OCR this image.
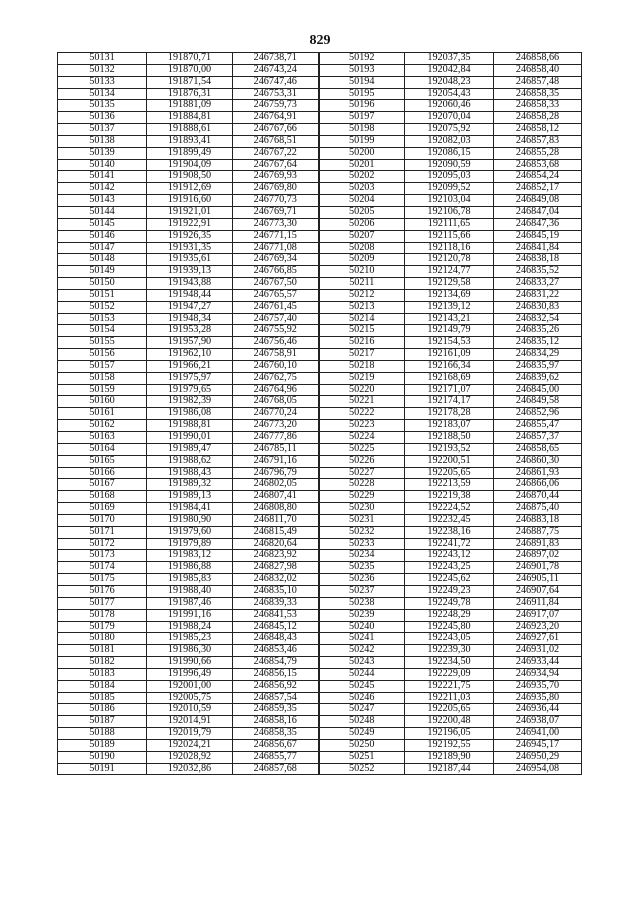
829
50131	191870,71	246738,71	50192	192037,35	246858,66
50132	191870,00	246743,24	50193	192042,84	246858,40
50133	191871,54	246747,46	50194	192048,23	246857,48
50134	191876,31	246753,31	50195	192054,43	246858,35
50135	191881,09	246759,73	50196	192060,46	246858,33
50136	191884,81	246764,91	50197	192070,04	246858,28
50137	191888,61	246767,66	50198	192075,92	246858,12
50138	191893,41	246768,51	50199	192082,03	246857,83
50139	191899,49	246767,22	50200	192086,15	246855,28
50140	191904,09	246767,64	50201	192090,59	246853,68
50141	191908,50	246769,93	50202	192095,03	246854,24
50142	191912,69	246769,80	50203	192099,52	246852,17
50143	191916,60	246770,73	50204	192103,04	246849,08
50144	191921,01	246769,71	50205	192106,78	246847,04
50145	191922,91	246773,30	50206	192111,65	246847,36
50146	191926,35	246771,15	50207	192115,66	246845,19
50147	191931,35	246771,08	50208	192118,16	246841,84
50148	191935,61	246769,34	50209	192120,78	246838,18
50149	191939,13	246766,85	50210	192124,77	246835,52
50150	191943,88	246767,50	50211	192129,58	246833,27
50151	191948,44	246765,57	50212	192134,69	246831,22
50152	191947,27	246761,45	50213	192139,12	246830,83
50153	191948,34	246757,40	50214	192143,21	246832,54
50154	191953,28	246755,92	50215	192149,79	246835,26
50155	191957,90	246756,46	50216	192154,53	246835,12
50156	191962,10	246758,91	50217	192161,09	246834,29
50157	191966,21	246760,10	50218	192166,34	246835,97
50158	191975,97	246762,75	50219	192168,69	246839,62
50159	191979,65	246764,96	50220	192171,07	246845,00
50160	191982,39	246768,05	50221	192174,17	246849,58
50161	191986,08	246770,24	50222	192178,28	246852,96
50162	191988,81	246773,20	50223	192183,07	246855,47
50163	191990,01	246777,86	50224	192188,50	246857,37
50164	191989,47	246785,11	50225	192193,52	246858,65
50165	191988,62	246791,16	50226	192200,51	246860,30
50166	191988,43	246796,79	50227	192205,65	246861,93
50167	191989,32	246802,05	50228	192213,59	246866,06
50168	191989,13	246807,41	50229	192219,38	246870,44
50169	191984,41	246808,80	50230	192224,52	246875,40
50170	191980,90	246811,70	50231	192232,45	246883,18
50171	191979,60	246815,49	50232	192238,16	246887,75
50172	191979,89	246820,64	50233	192241,72	246891,83
50173	191983,12	246823,92	50234	192243,12	246897,02
50174	191986,88	246827,98	50235	192243,25	246901,78
50175	191985,83	246832,02	50236	192245,62	246905,11
50176	191988,40	246835,10	50237	192249,23	246907,64
50177	191987,46	246839,33	50238	192249,78	246911,84
50178	191991,16	246841,53	50239	192248,29	246917,07
50179	191988,24	246845,12	50240	192245,80	246923,20
50180	191985,23	246848,43	50241	192243,05	246927,61
50181	191986,30	246853,46	50242	192239,30	246931,02
50182	191990,66	246854,79	50243	192234,50	246933,44
50183	191996,49	246856,15	50244	192229,09	246934,94
50184	192001,00	246856,92	50245	192221,75	246935,70
50185	192005,75	246857,54	50246	192211,03	246935,80
50186	192010,59	246859,35	50247	192205,65	246936,44
50187	192014,91	246858,16	50248	192200,48	246938,07
50188	192019,79	246858,35	50249	192196,05	246941,00
50189	192024,21	246856,67	50250	192192,55	246945,17
50190	192028,92	246855,77	50251	192189,90	246950,29
50191	192032,86	246857,68	50252	192187,44	246954,08
